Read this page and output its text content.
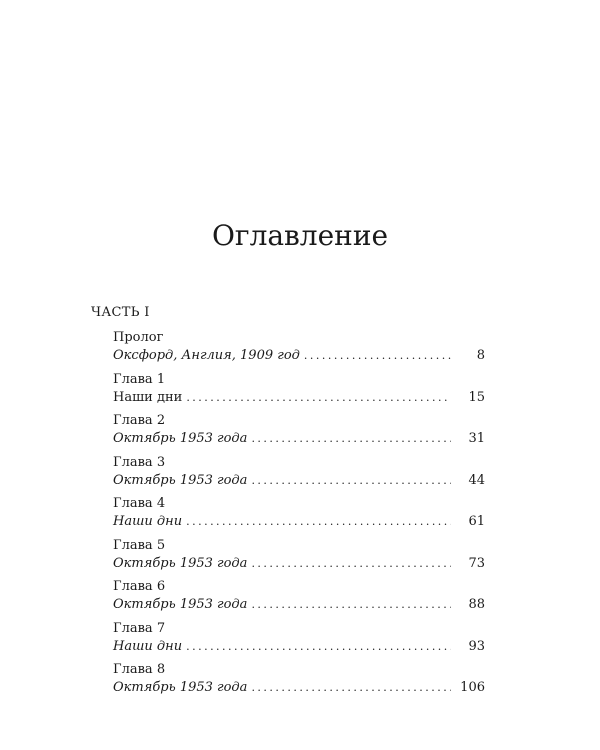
Оглавление
ЧАСТЬ I
Пролог
Оксфорд, Англия, 1909 год . . .	8
Глава 1
Наши дни . . .	15
Глава 2
Октябрь 1953 года . . .	31
Глава 3
Октябрь 1953 года . . .	44
Глава 4
Наши дни . . .	61
Глава 5
Октябрь 1953 года . . .	73
Глава 6
Октябрь 1953 года . . .	88
Глава 7
Наши дни . . .	93
Глава 8
Октябрь 1953 года . . .	106
